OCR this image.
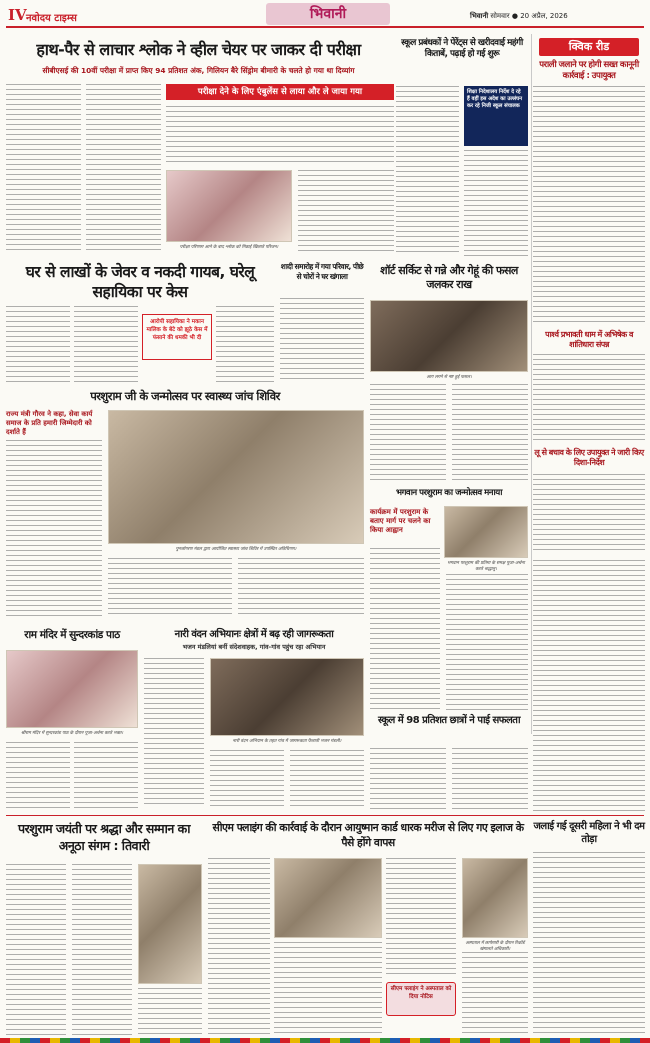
IV नवोदय टाइम्स	भिवानी	भिवानी सोमवार ● 20 अप्रैल, 2026
हाथ-पैर से लाचार श्लोक ने व्हील चेयर पर जाकर दी परीक्षा
सीबीएसई की 10वीं परीक्षा में प्राप्त किए 94 प्रतिशत अंक, गिलियन बैरे सिंड्रोम बीमारी के चलते हो गया था दिव्यांग
परीक्षा देने के लिए एंबुलेंस से लाया और ले जाया गया
परीक्षा परिणाम आने के बाद श्लोक को मिठाई खिलाते परिजन।
स्कूल प्रबंधकों ने पेरेंट्स से खरीदवाई महंगी किताबें, पढ़ाई हो गई शुरू
शिक्षा निदेशालय निर्देश दे रहे हैं वहीं इस अदेश का उल्लंघन कर रहे निजी स्कूल संचालक
क्विक रीड
पराली जलाने पर होगी सख्त कानूनी कार्रवाई : उपायुक्त
पार्श्व प्रभावती धाम में अभिषेक व शांतिधारा संपन्न
लू से बचाव के लिए उपायुक्त ने जारी किए दिशा-निर्देश
घर से लाखों के जेवर व नकदी गायब, घरेलू सहायिका पर केस
आरोपी सहायिका ने मकान मालिक के बेटे को झूठे केस में फंसाने की धमकी भी दी
शादी समारोह में गया परिवार, पीछे से चोरों ने घर खंगाला	शॉर्ट सर्किट से गन्ने और गेहूं की फसल जलकर राख
आग लगने से नष्ट हुई फसल।
परशुराम जी के जन्मोत्सव पर स्वास्थ्य जांच शिविर
राज्य मंत्री गौरव ने कहा, सेवा कार्य समाज के प्रति हमारी जिम्मेदारी को दर्शाते हैं
पुनर्जागरण मंडल द्वारा आयोजित स्वास्थ्य जांच शिविर में उपस्थित अतिथिगण।
भगवान परशुराम का जन्मोत्सव मनाया
कार्यक्रम में परशुराम के बताए मार्ग पर चलने का किया आह्वान
भगवान परशुराम की प्रतिमा के समक्ष पूजा-अर्चना करते श्रद्धालु।
राम मंदिर में सुन्दरकांड पाठ
श्रीराम मंदिर में सुन्दरकांड पाठ के दौरान पूजा-अर्चना करते भक्त।
नारी वंदन अभियानः क्षेत्रों में बढ़ रही जागरूकता
भजन मंडलियां बनीं संदेशवाहक, गांव-गांव पहुंच रहा अभियान
नारी वंदन अभियान के तहत गांव में जागरूकता फैलाती भजन मंडली।
स्कूल में 98 प्रतिशत छात्रों ने पाई सफलता
परशुराम जयंती पर श्रद्धा और सम्मान का अनूठा संगम : तिवारी
सीएम फ्लाइंग की कार्रवाई के दौरान आयुष्मान कार्ड धारक मरीज से लिए गए इलाज के पैसे होंगे वापस
सीएम फ्लाइंग ने अस्पताल को दिया नोटिस
अस्पताल में छापेमारी के दौरान रिकॉर्ड खंगालते अधिकारी।
जलाई गई दूसरी महिला ने भी दम तोड़ा
